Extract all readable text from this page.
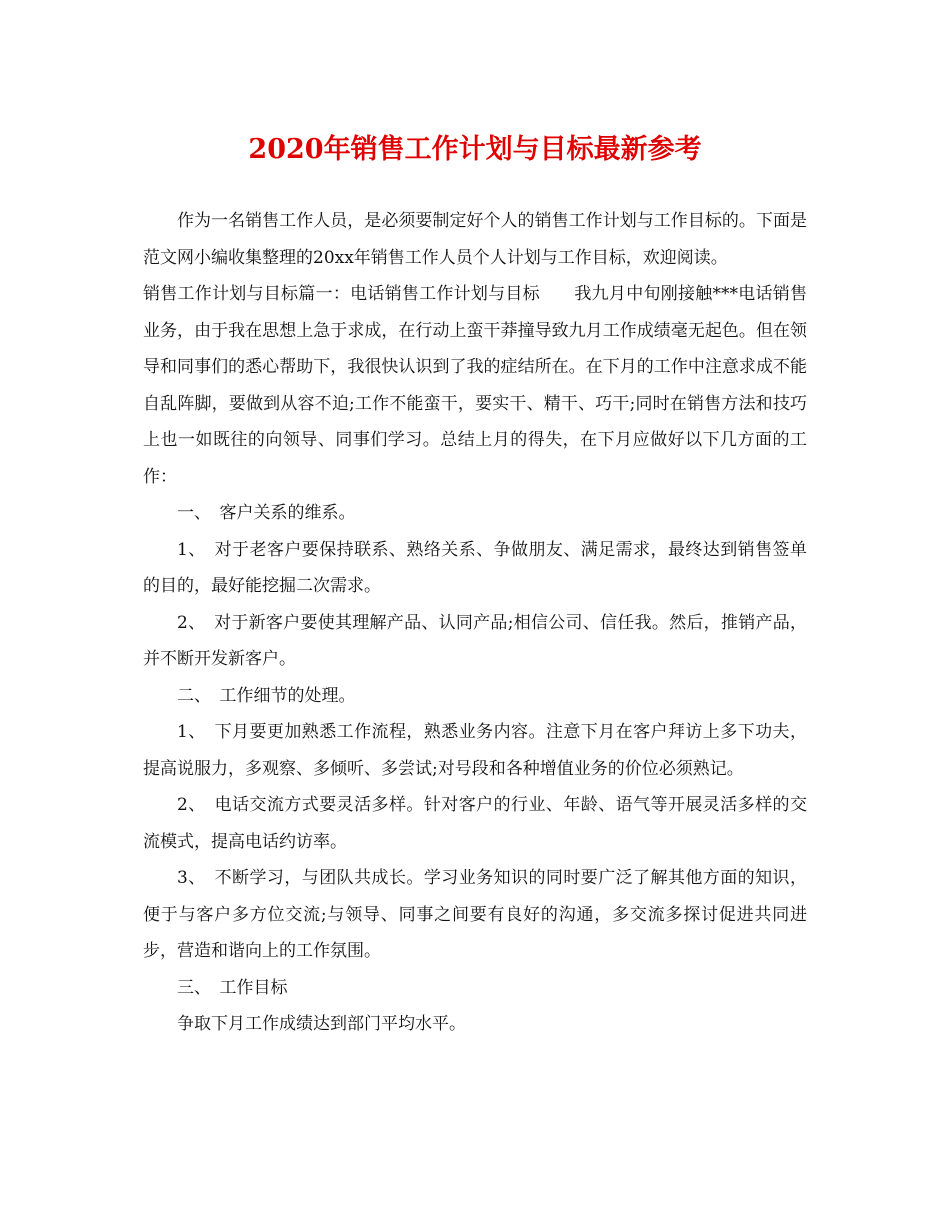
2020年销售工作计划与目标最新参考

作为一名销售工作人员，是必须要制定好个人的销售工作计划与工作目标的。下面是范文网小编收集整理的20xx年销售工作人员个人计划与工作目标，欢迎阅读。

销售工作计划与目标篇一：电话销售工作计划与目标　　我九月中旬刚接触***电话销售业务，由于我在思想上急于求成，在行动上蛮干莽撞导致九月工作成绩毫无起色。但在领导和同事们的悉心帮助下，我很快认识到了我的症结所在。在下月的工作中注意求成不能自乱阵脚，要做到从容不迫;工作不能蛮干，要实干、精干、巧干;同时在销售方法和技巧上也一如既往的向领导、同事们学习。总结上月的得失，在下月应做好以下几方面的工作：

一、　客户关系的维系。

1、　对于老客户要保持联系、熟络关系、争做朋友、满足需求，最终达到销售签单的目的，最好能挖掘二次需求。

2、　对于新客户要使其理解产品、认同产品;相信公司、信任我。然后，推销产品，并不断开发新客户。

二、　工作细节的处理。

1、　下月要更加熟悉工作流程，熟悉业务内容。注意下月在客户拜访上多下功夫，提高说服力，多观察、多倾听、多尝试;对号段和各种增值业务的价位必须熟记。

2、　电话交流方式要灵活多样。针对客户的行业、年龄、语气等开展灵活多样的交流模式，提高电话约访率。

3、　不断学习，与团队共成长。学习业务知识的同时要广泛了解其他方面的知识，便于与客户多方位交流;与领导、同事之间要有良好的沟通，多交流多探讨促进共同进步，营造和谐向上的工作氛围。

三、　工作目标

争取下月工作成绩达到部门平均水平。
